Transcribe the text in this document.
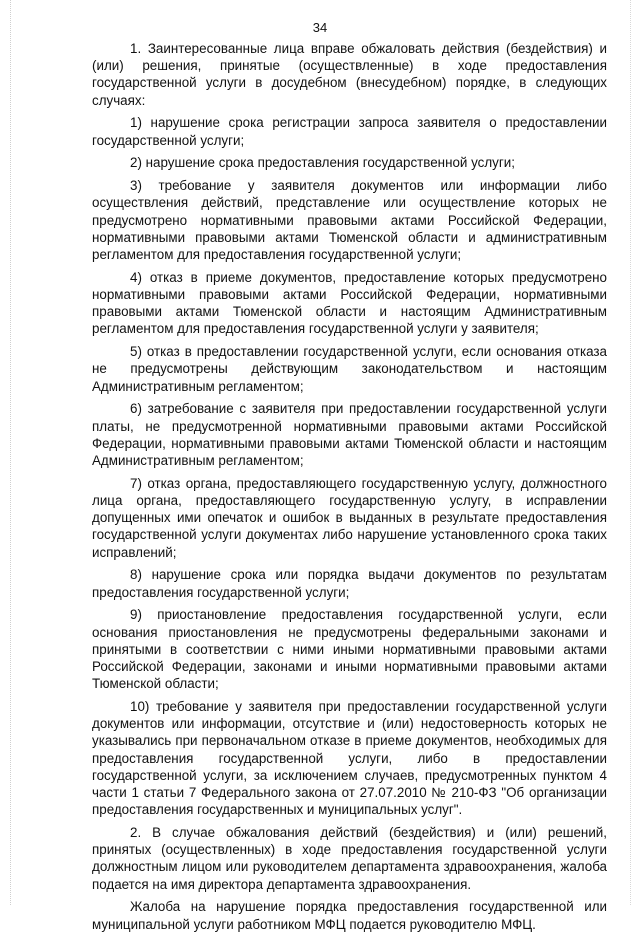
34

1. Заинтересованные лица вправе обжаловать действия (бездействия) и (или) решения, принятые (осуществленные) в ходе предоставления государственной услуги в досудебном (внесудебном) порядке, в следующих случаях:

1) нарушение срока регистрации запроса заявителя о предоставлении государственной услуги;

2) нарушение срока предоставления государственной услуги;

3) требование у заявителя документов или информации либо осуществления действий, представление или осуществление которых не предусмотрено нормативными правовыми актами Российской Федерации, нормативными правовыми актами Тюменской области и административным регламентом для предоставления государственной услуги;

4) отказ в приеме документов, предоставление которых предусмотрено нормативными правовыми актами Российской Федерации, нормативными правовыми актами Тюменской области и настоящим Административным регламентом для предоставления государственной услуги у заявителя;

5) отказ в предоставлении государственной услуги, если основания отказа не предусмотрены действующим законодательством и настоящим Административным регламентом;

6) затребование с заявителя при предоставлении государственной услуги платы, не предусмотренной нормативными правовыми актами Российской Федерации, нормативными правовыми актами Тюменской области и настоящим Административным регламентом;

7) отказ органа, предоставляющего государственную услугу, должностного лица органа, предоставляющего государственную услугу, в исправлении допущенных ими опечаток и ошибок в выданных в результате предоставления государственной услуги документах либо нарушение установленного срока таких исправлений;

8) нарушение срока или порядка выдачи документов по результатам предоставления государственной услуги;

9) приостановление предоставления государственной услуги, если основания приостановления не предусмотрены федеральными законами и принятыми в соответствии с ними иными нормативными правовыми актами Российской Федерации, законами и иными нормативными правовыми актами Тюменской области;

10) требование у заявителя при предоставлении государственной услуги документов или информации, отсутствие и (или) недостоверность которых не указывались при первоначальном отказе в приеме документов, необходимых для предоставления государственной услуги, либо в предоставлении государственной услуги, за исключением случаев, предусмотренных пунктом 4 части 1 статьи 7 Федерального закона от 27.07.2010 № 210-ФЗ "Об организации предоставления государственных и муниципальных услуг".

2. В случае обжалования действий (бездействия) и (или) решений, принятых (осуществленных) в ходе предоставления государственной услуги должностным лицом или руководителем департамента здравоохранения, жалоба подается на имя директора департамента здравоохранения.

Жалоба на нарушение порядка предоставления государственной или муниципальной услуги работником МФЦ подается руководителю МФЦ.
